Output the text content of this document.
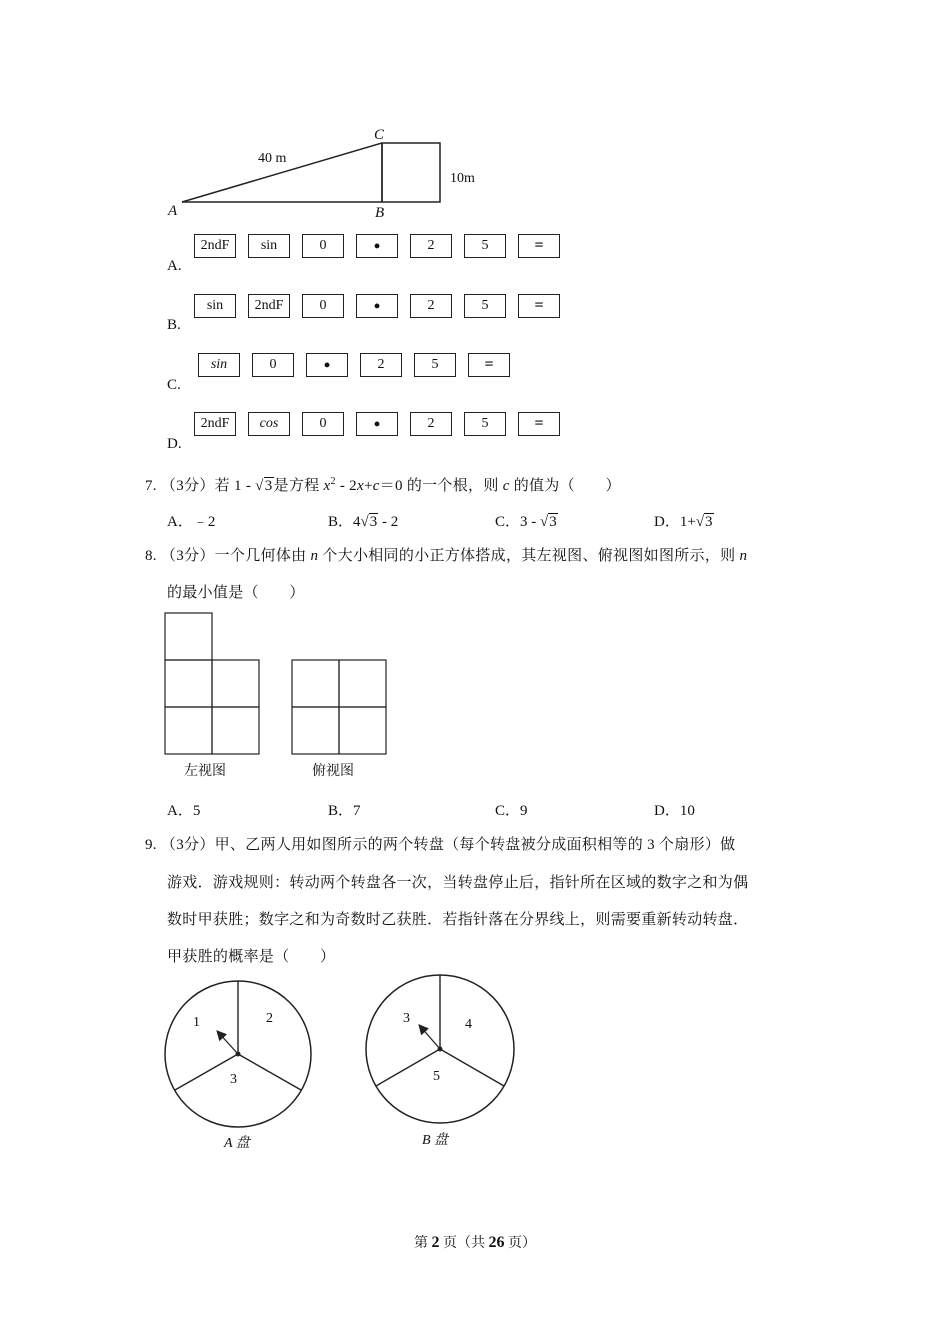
A	B
C
40 m
10m
A.
2ndF	sin	0	•	2	5	=
B.
sin	2ndF	0	•	2	5	=
C.
sin	0	•	2	5	=
D.
2ndF	cos	0	•	2	5	=
7. （3分）若 1 - √3是方程 $x^2 - 2x+c=0$ 的一个根，则 c 的值为（　　）
A．﹣2	B．4√3 - 2	C．3 - √3	D．1+√3
8. （3分）一个几何体由 n 个大小相同的小正方体搭成，其左视图、俯视图如图所示，则 n
的最小值是（　　）
左视图	俯视图
A．5	B．7	C．9	D．10
9. （3分）甲、乙两人用如图所示的两个转盘（每个转盘被分成面积相等的 3 个扇形）做
游戏．游戏规则：转动两个转盘各一次，当转盘停止后，指针所在区域的数字之和为偶
数时甲获胜；数字之和为奇数时乙获胜．若指针落在分界线上，则需要重新转动转盘．
甲获胜的概率是（　　）
1	2
3
A 盘
3	4
5
B 盘
第 2 页（共 26 页）
